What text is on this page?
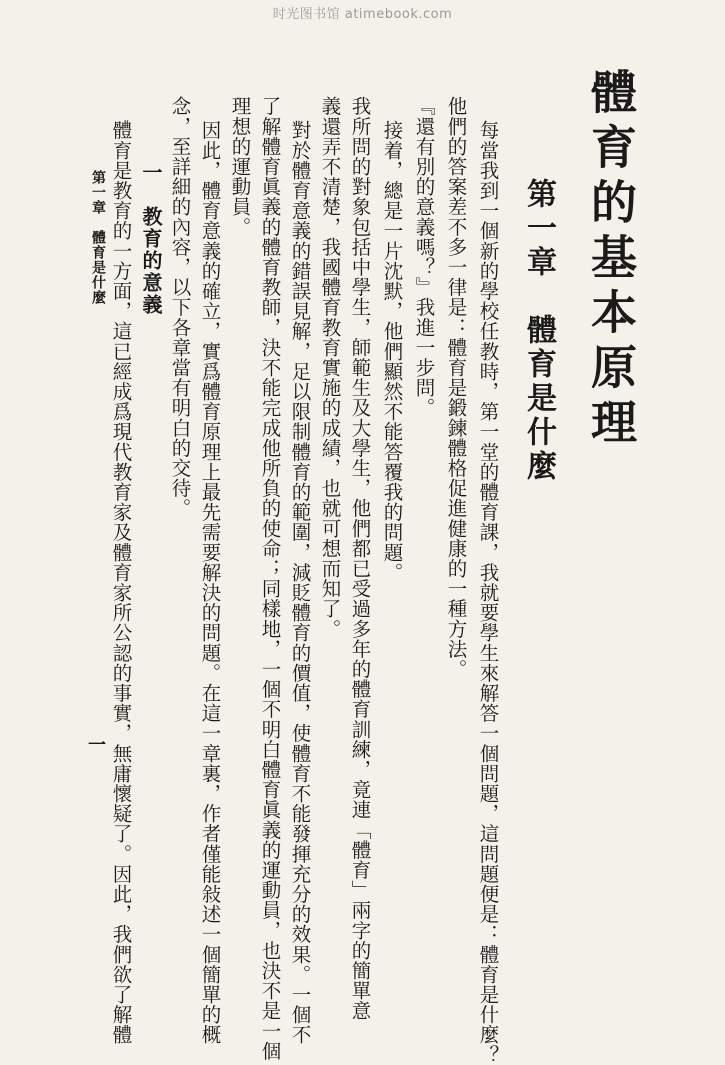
时光图书馆 atimebook.com
體育的基本原理
第一章　體育是什麼
每當我到一個新的學校任教時，第一堂的體育課，我就要學生來解答一個問題，這問題便是：體育是什麼？
他們的答案差不多一律是：體育是鍛鍊體格促進健康的一種方法。
『還有別的意義嗎？』我進一步問。
接着，總是一片沈默，他們顯然不能答覆我的問題。
我所問的對象包括中學生，師範生及大學生，他們都已受過多年的體育訓練，竟連「體育」兩字的簡單意
義還弄不清楚，我國體育教育實施的成績，也就可想而知了。
對於體育意義的錯誤見解，足以限制體育的範圍，減貶體育的價值，使體育不能發揮充分的效果。一個不
了解體育眞義的體育教師，決不能完成他所負的使命；同樣地，一個不明白體育眞義的運動員，也決不是一個
理想的運動員。
因此，體育意義的確立，實爲體育原理上最先需要解決的問題。在這一章裏，作者僅能敍述一個簡單的概
念，至詳細的內容，以下各章當有明白的交待。
一　教育的意義
體育是教育的一方面，這已經成爲現代教育家及體育家所公認的事實，無庸懷疑了。因此，我們欲了解體
第一章　體育是什麼
一
